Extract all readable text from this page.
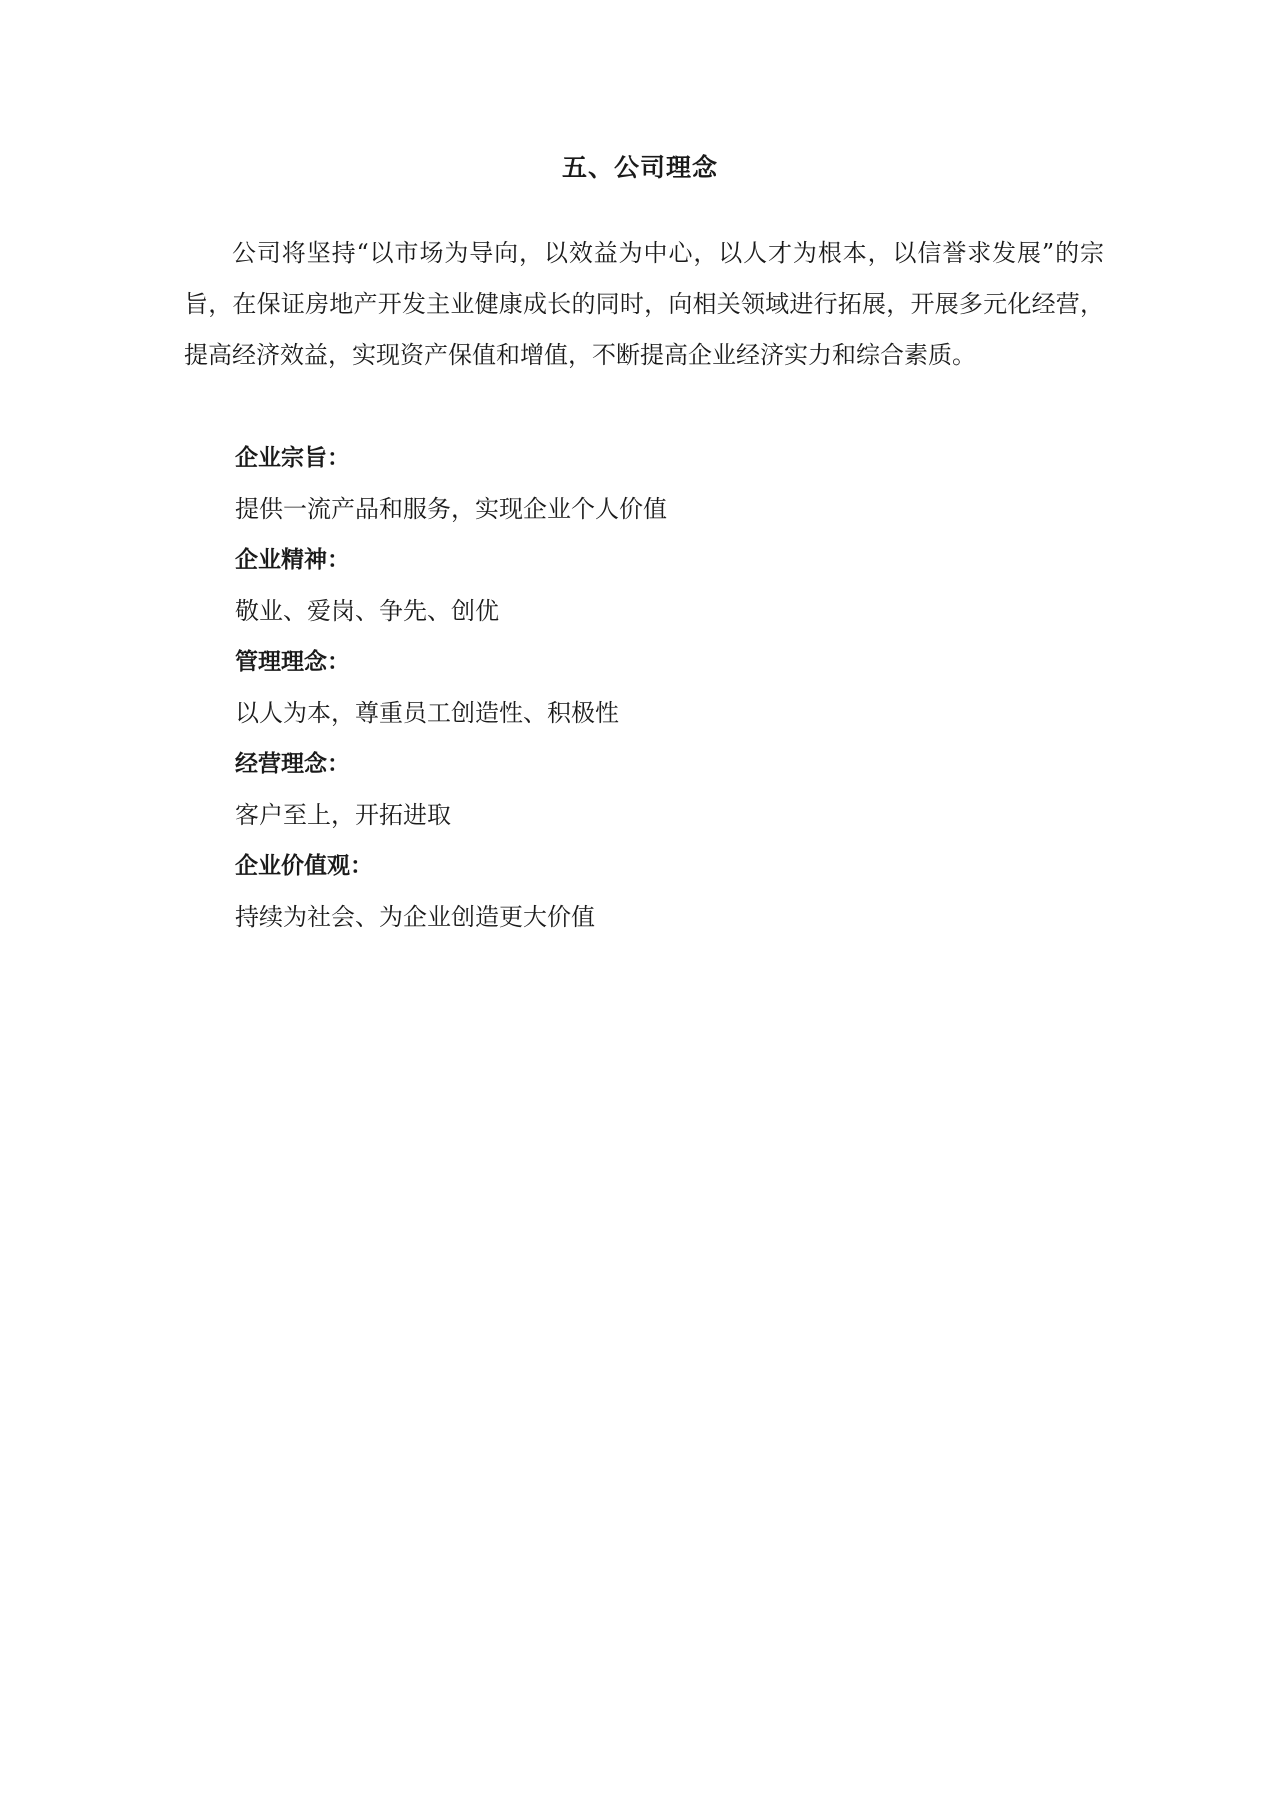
五、公司理念

公司将坚持“以市场为导向，以效益为中心，以人才为根本，以信誉求发展”的宗旨，在保证房地产开发主业健康成长的同时，向相关领域进行拓展，开展多元化经营，提高经济效益，实现资产保值和增值，不断提高企业经济实力和综合素质。

企业宗旨：
提供一流产品和服务，实现企业个人价值
企业精神：
敬业、爱岗、争先、创优
管理理念：
以人为本，尊重员工创造性、积极性
经营理念：
客户至上，开拓进取
企业价值观：
持续为社会、为企业创造更大价值
